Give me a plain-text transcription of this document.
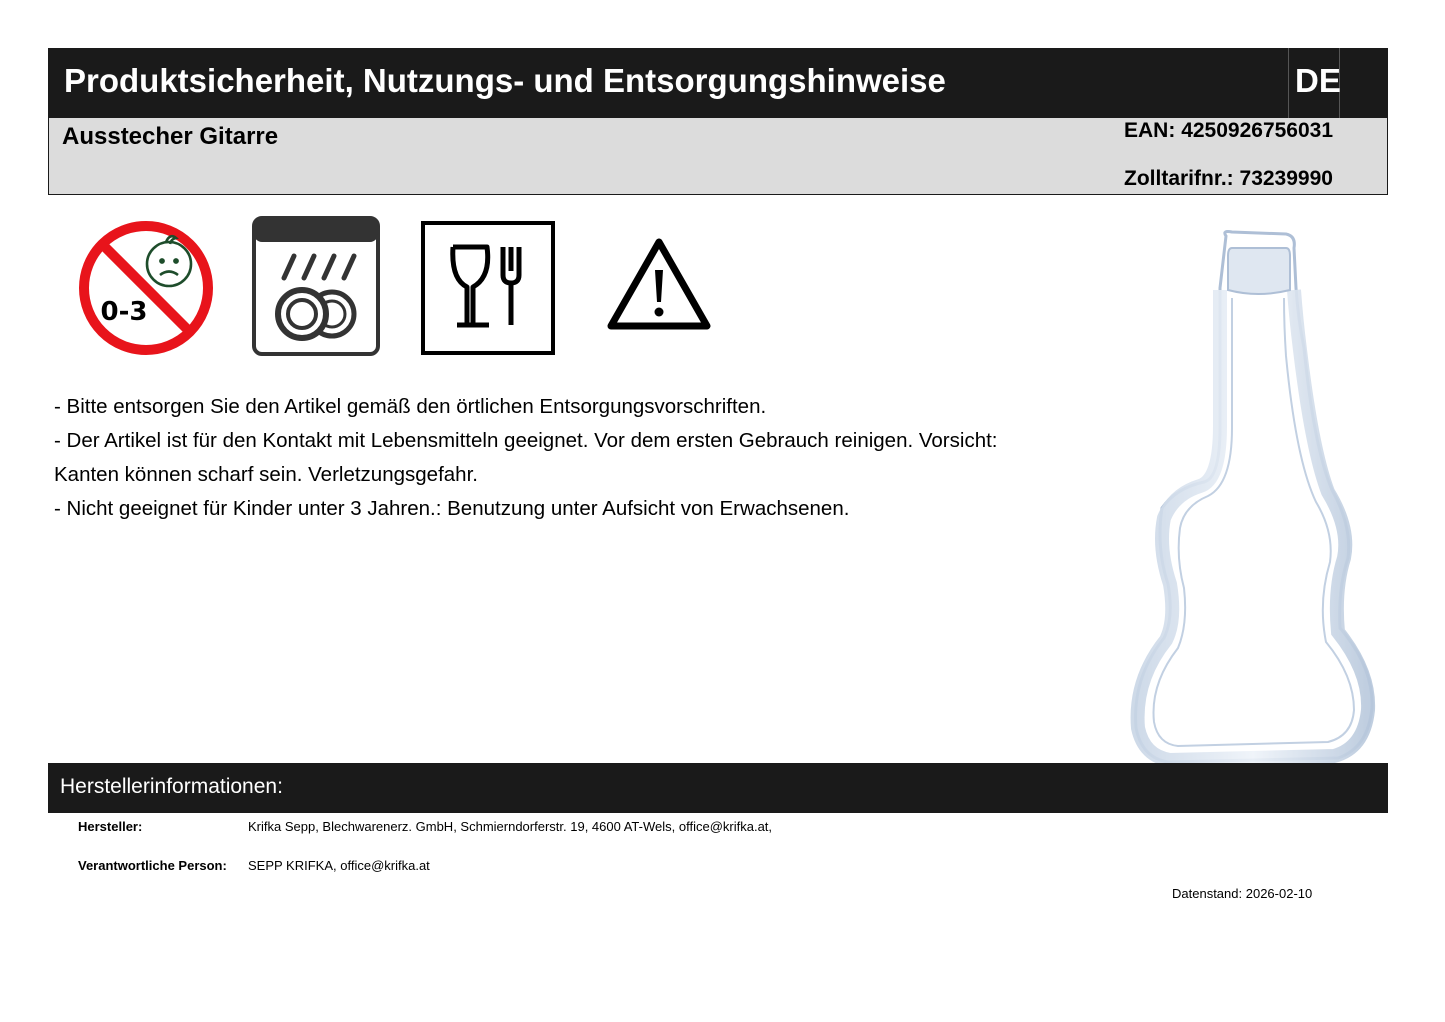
Produktsicherheit, Nutzungs- und Entsorgungshinweise	DE
Ausstecher Gitarre	EAN: 4250926756031
Zolltarifnr.: 73239990
0-3

- Bitte entsorgen Sie den Artikel gemäß den örtlichen Entsorgungsvorschriften.

- Der Artikel ist für den Kontakt mit Lebensmitteln geeignet. Vor dem ersten Gebrauch reinigen. Vorsicht: Kanten können scharf sein. Verletzungsgefahr.

- Nicht geeignet für Kinder unter 3 Jahren.: Benutzung unter Aufsicht von Erwachsenen.

Herstellerinformationen:
Hersteller:	Krifka Sepp, Blechwarenerz. GmbH, Schmierndorferstr. 19, 4600 AT-Wels, office@krifka.at,
Verantwortliche Person: SEPP KRIFKA, office@krifka.at
Datenstand: 2026-02-10
